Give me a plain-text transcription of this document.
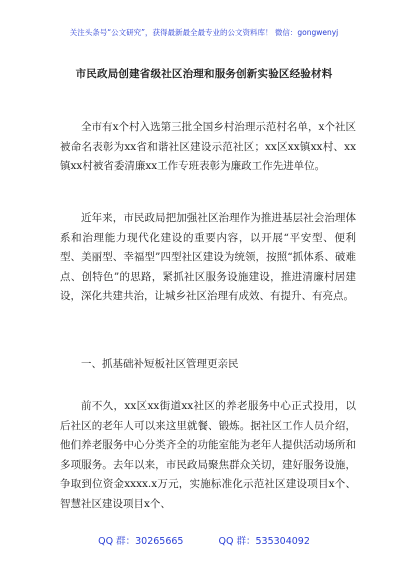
关注头条号“公文研究”，获得最新最全最专业的公文资料库！ 微信：gongwenyj
市民政局创建省级社区治理和服务创新实验区经验材料

全市有x个村入选第三批全国乡村治理示范村名单，x个社区被命名表彰为xx省和谐社区建设示范社区；xx区xx镇xx村、xx镇xx村被省委清廉xx工作专班表彰为廉政工作先进单位。

近年来，市民政局把加强社区治理作为推进基层社会治理体系和治理能力现代化建设的重要内容，以开展“平安型、便利型、美丽型、幸福型”四型社区建设为统领，按照“抓体系、破难点、创特色”的思路，紧抓社区服务设施建设，推进清廉村居建设，深化共建共治，让城乡社区治理有成效、有提升、有亮点。

一、抓基础补短板社区管理更亲民

前不久，xx区xx街道xx社区的养老服务中心正式投用，以后社区的老年人可以来这里就餐、锻炼。据社区工作人员介绍，他们养老服务中心分类齐全的功能室能为老年人提供活动场所和多项服务。去年以来，市民政局聚焦群众关切，建好服务设施，争取到位资金xxxx.x万元，实施标准化示范社区建设项目x个、智慧社区建设项目x个、

QQ 群：30265665	QQ 群：535304092
